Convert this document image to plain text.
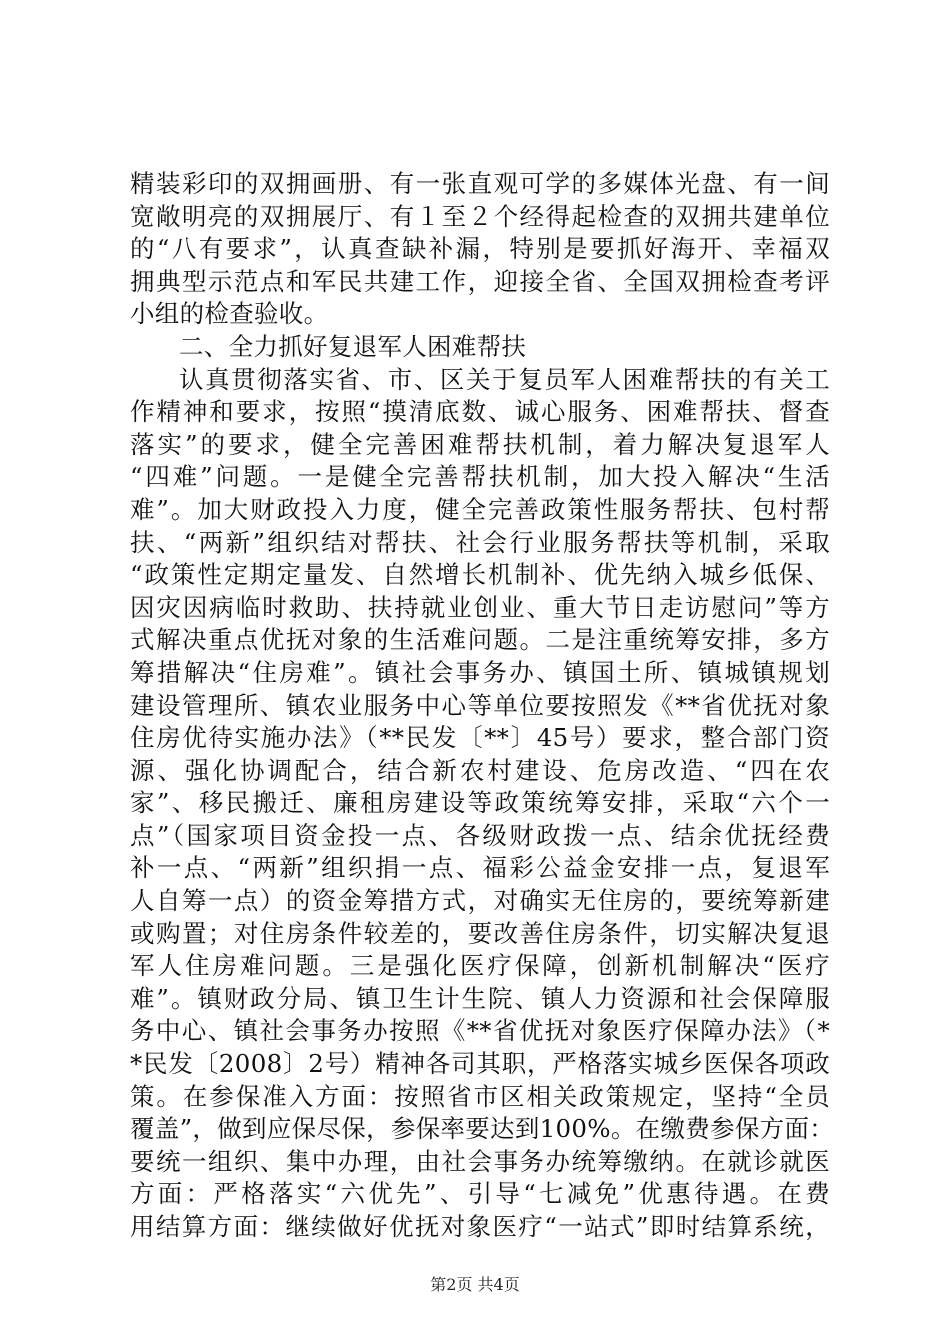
精装彩印的双拥画册、有一张直观可学的多媒体光盘、有一间
宽敞明亮的双拥展厅、有１至２个经得起检查的双拥共建单位
的“八有要求”，认真查缺补漏，特别是要抓好海开、幸福双
拥典型示范点和军民共建工作，迎接全省、全国双拥检查考评
小组的检查验收。
二、全力抓好复退军人困难帮扶
认真贯彻落实省、市、区关于复员军人困难帮扶的有关工
作精神和要求，按照“摸清底数、诚心服务、困难帮扶、督查
落实”的要求，健全完善困难帮扶机制，着力解决复退军人
“四难”问题。一是健全完善帮扶机制，加大投入解决“生活
难”。加大财政投入力度，健全完善政策性服务帮扶、包村帮
扶、“两新”组织结对帮扶、社会行业服务帮扶等机制，采取
“政策性定期定量发、自然增长机制补、优先纳入城乡低保、
因灾因病临时救助、扶持就业创业、重大节日走访慰问”等方
式解决重点优抚对象的生活难问题。二是注重统筹安排，多方
筹措解决“住房难”。镇社会事务办、镇国土所、镇城镇规划
建设管理所、镇农业服务中心等单位要按照发《**省优抚对象
住房优待实施办法》（**民发〔**〕45号）要求，整合部门资
源、强化协调配合，结合新农村建设、危房改造、“四在农
家”、移民搬迁、廉租房建设等政策统筹安排，采取“六个一
点”（国家项目资金投一点、各级财政拨一点、结余优抚经费
补一点、“两新”组织捐一点、福彩公益金安排一点，复退军
人自筹一点）的资金筹措方式，对确实无住房的，要统筹新建
或购置；对住房条件较差的，要改善住房条件，切实解决复退
军人住房难问题。三是强化医疗保障，创新机制解决“医疗
难”。镇财政分局、镇卫生计生院、镇人力资源和社会保障服
务中心、镇社会事务办按照《**省优抚对象医疗保障办法》（*
*民发〔2008〕2号）精神各司其职，严格落实城乡医保各项政
策。在参保准入方面：按照省市区相关政策规定，坚持“全员
覆盖”，做到应保尽保，参保率要达到100%。在缴费参保方面：
要统一组织、集中办理，由社会事务办统筹缴纳。在就诊就医
方面：严格落实“六优先”、引导“七减免”优惠待遇。在费
用结算方面：继续做好优抚对象医疗“一站式”即时结算系统，
第2页 共4页
